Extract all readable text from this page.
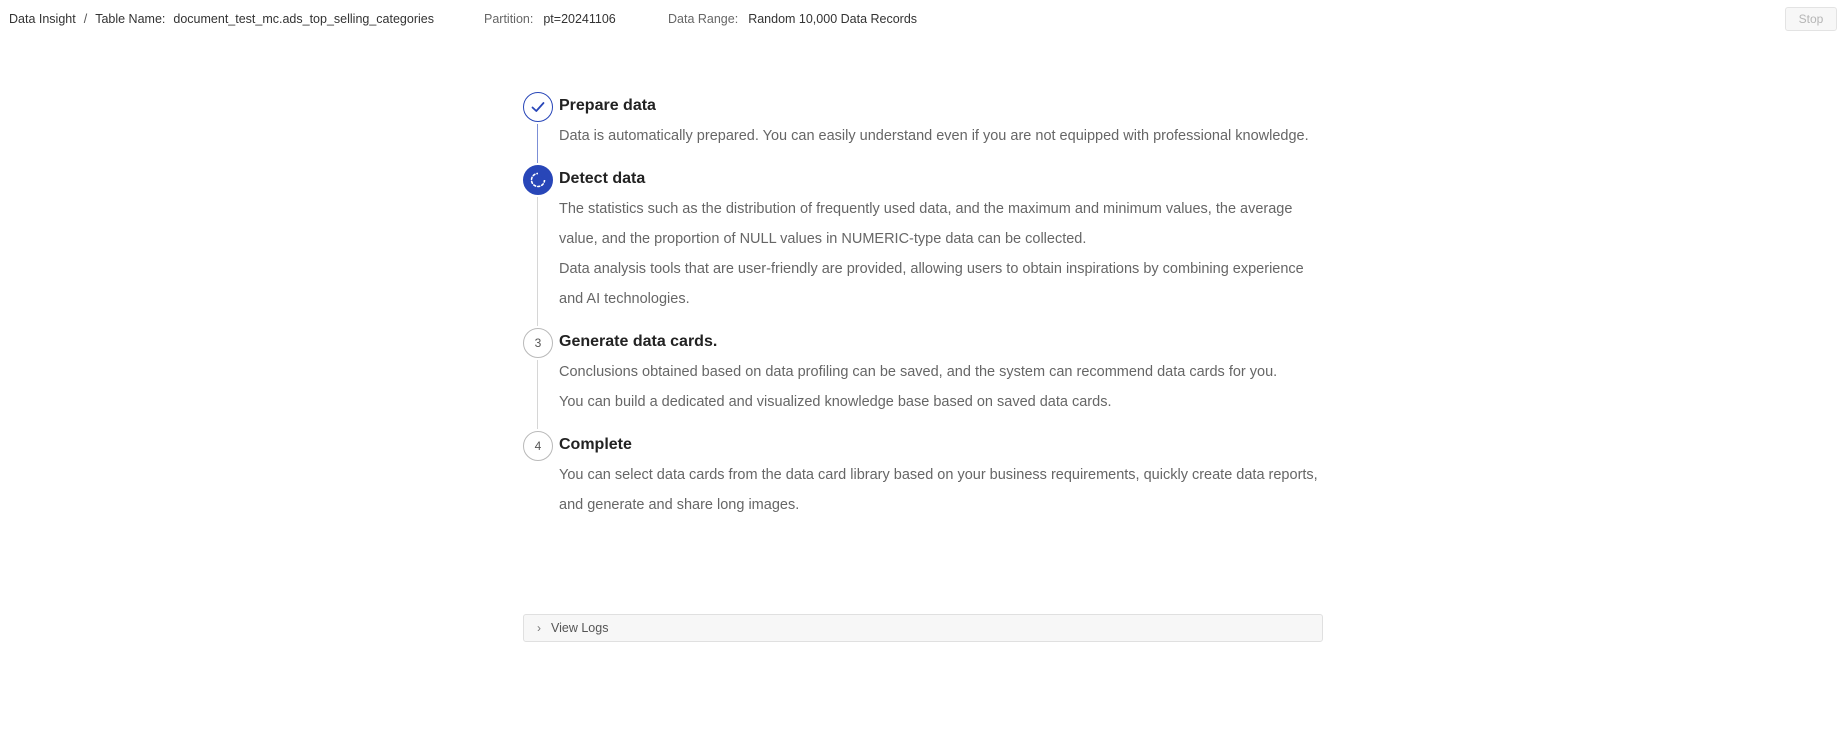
Data Insight / Table Name: document_test_mc.ads_top_selling_categories	Partition: pt=20241106	Data Range: Random 10,000 Data Records	Stop
Prepare data

Data is automatically prepared. You can easily understand even if you are not equipped with professional knowledge.

Detect data

The statistics such as the distribution of frequently used data, and the maximum and minimum values, the average value, and the proportion of NULL values in NUMERIC-type data can be collected.

Data analysis tools that are user-friendly are provided, allowing users to obtain inspirations by combining experience and AI technologies.

3	Generate data cards.

Conclusions obtained based on data profiling can be saved, and the system can recommend data cards for you.

You can build a dedicated and visualized knowledge base based on saved data cards.

4	Complete

You can select data cards from the data card library based on your business requirements, quickly create data reports, and generate and share long images.

› View Logs
